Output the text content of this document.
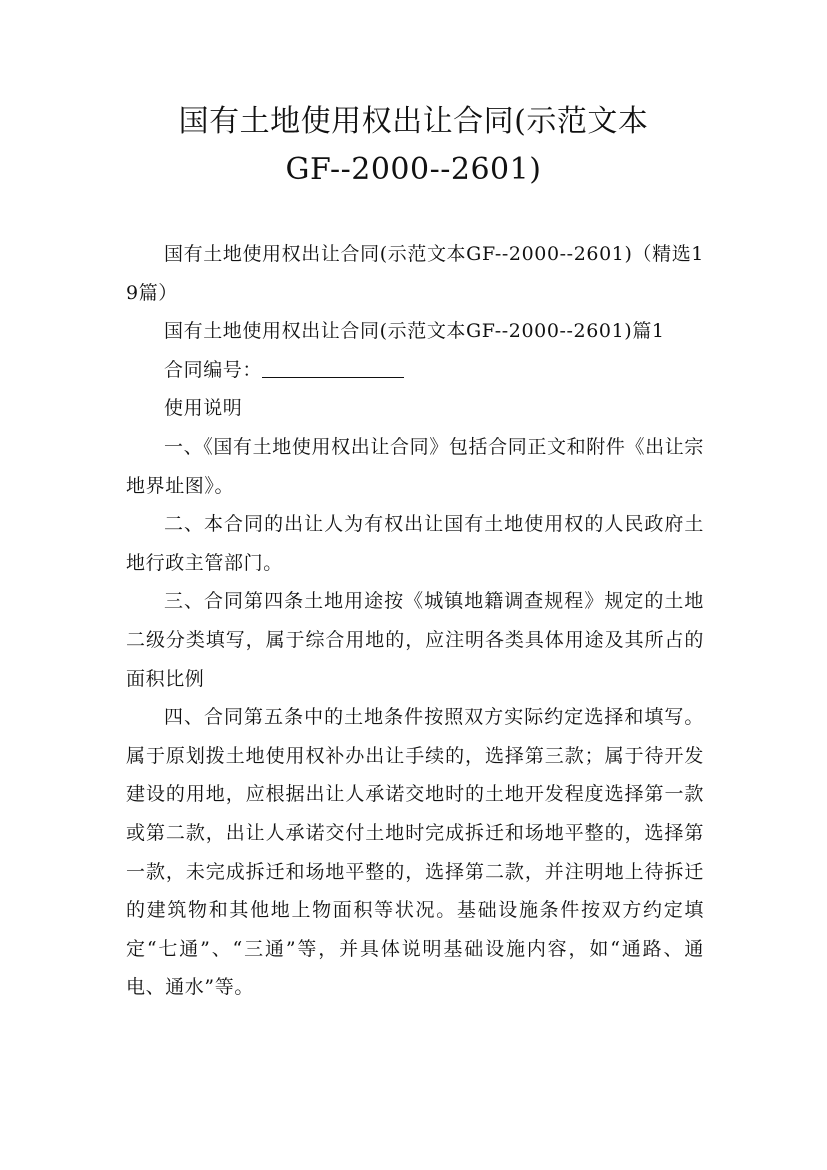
国有土地使用权出让合同(示范文本
GF--2000--2601)

国有土地使用权出让合同(示范文本GF--2000--2601)（精选19篇）

国有土地使用权出让合同(示范文本GF--2000--2601)篇1

合同编号：

使用说明

一、《国有土地使用权出让合同》包括合同正文和附件《出让宗地界址图》。

二、本合同的出让人为有权出让国有土地使用权的人民政府土地行政主管部门。

三、合同第四条土地用途按《城镇地籍调查规程》规定的土地二级分类填写，属于综合用地的，应注明各类具体用途及其所占的面积比例

四、合同第五条中的土地条件按照双方实际约定选择和填写。属于原划拨土地使用权补办出让手续的，选择第三款；属于待开发建设的用地，应根据出让人承诺交地时的土地开发程度选择第一款或第二款，出让人承诺交付土地时完成拆迁和场地平整的，选择第一款，未完成拆迁和场地平整的，选择第二款，并注明地上待拆迁的建筑物和其他地上物面积等状况。基础设施条件按双方约定填定“七通”、“三通”等，并具体说明基础设施内容，如“通路、通电、通水”等。
